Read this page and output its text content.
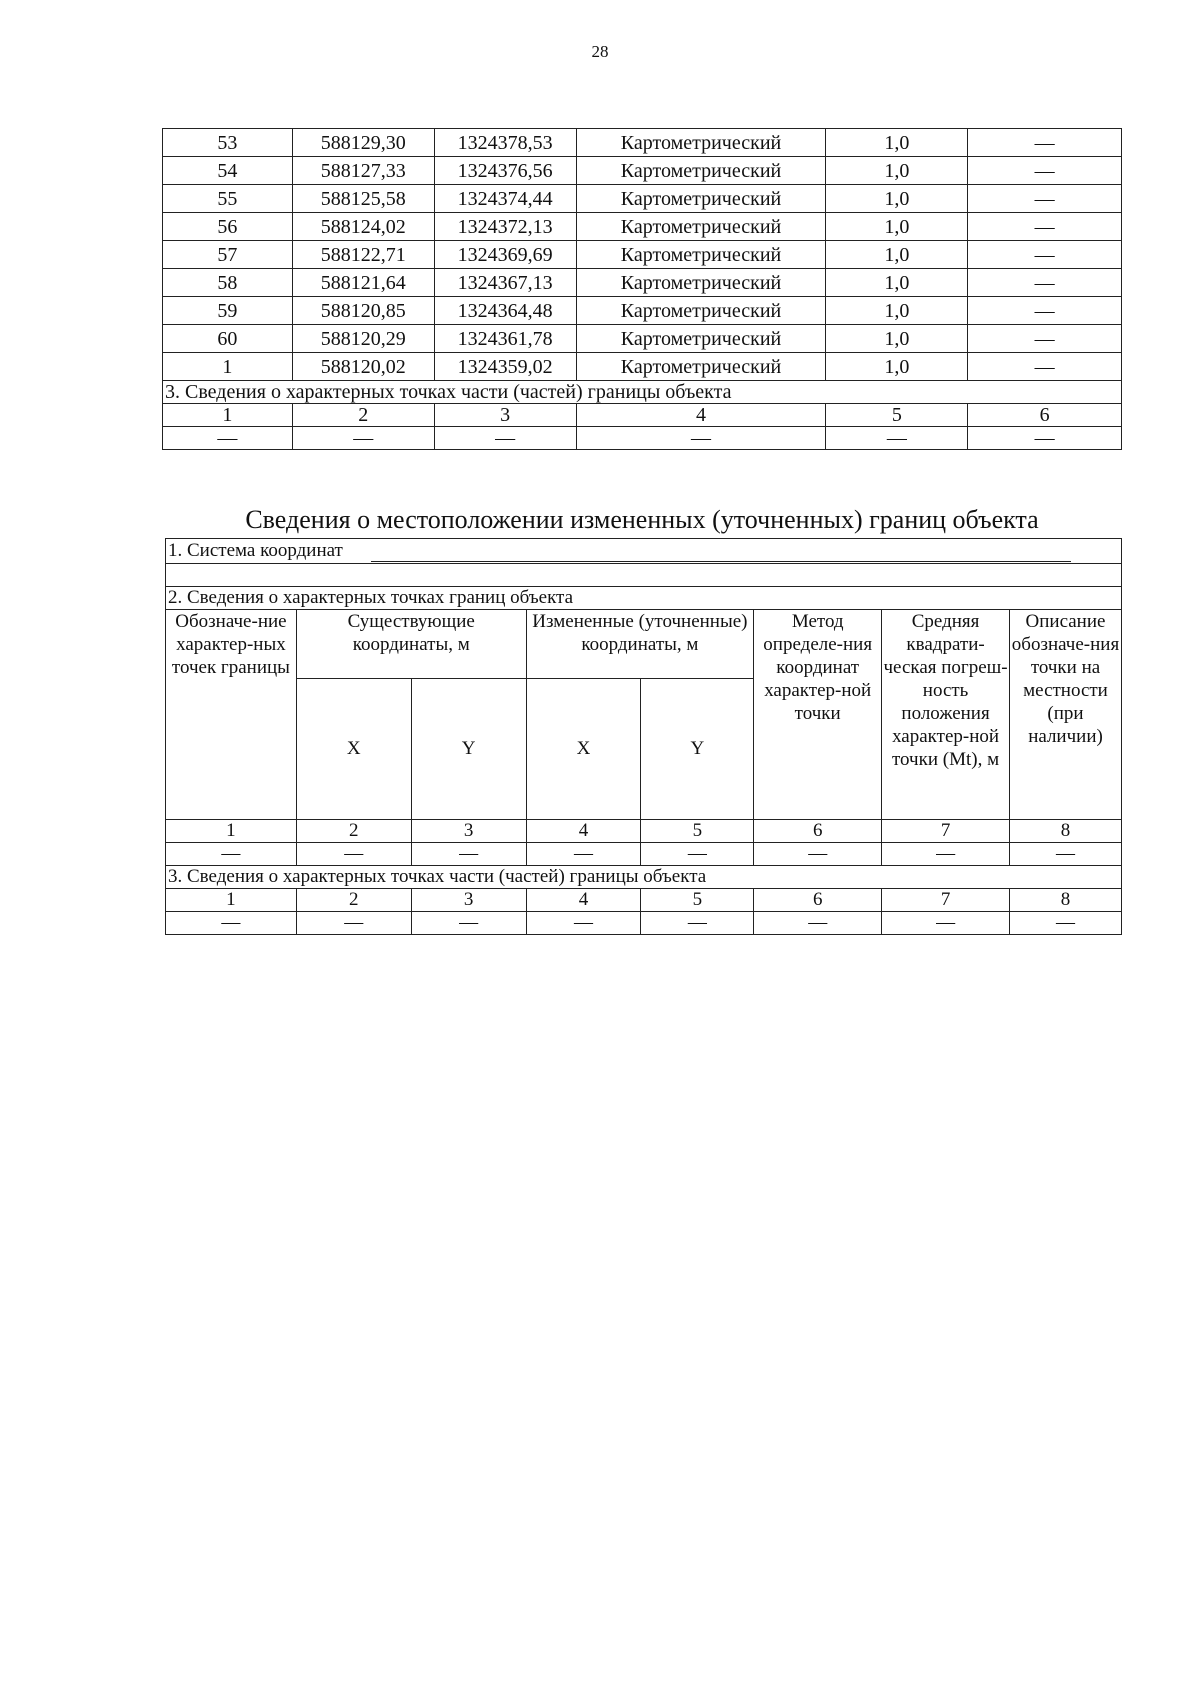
28
53	588129,30	1324378,53	Картометрический	1,0	—
54	588127,33	1324376,56	Картометрический	1,0	—
55	588125,58	1324374,44	Картометрический	1,0	—
56	588124,02	1324372,13	Картометрический	1,0	—
57	588122,71	1324369,69	Картометрический	1,0	—
58	588121,64	1324367,13	Картометрический	1,0	—
59	588120,85	1324364,48	Картометрический	1,0	—
60	588120,29	1324361,78	Картометрический	1,0	—
1	588120,02	1324359,02	Картометрический	1,0	—
3. Сведения о характерных точках части (частей) границы объекта					
1	2	3	4	5	6
—	—	—	—	—	—
Сведения о местоположении измененных (уточненных) границ объекта
1. Система координат							

2. Сведения о характерных точках границ объекта							
Обозначе-ние характер-ных точек границы	Существующие координаты, м		Измененные (уточненные) координаты, м		Метод определе-ния координат характер-ной точки	Средняя квадрати-ческая погреш-ность положения характер-ной точки (Mt), м	Описание обозначе-ния точки на местности (при наличии)
	X	Y	X	Y			
1	2	3	4	5	6	7	8
—	—	—	—	—	—	—	—
3. Сведения о характерных точках части (частей) границы объекта							
1	2	3	4	5	6	7	8
—	—	—	—	—	—	—	—
